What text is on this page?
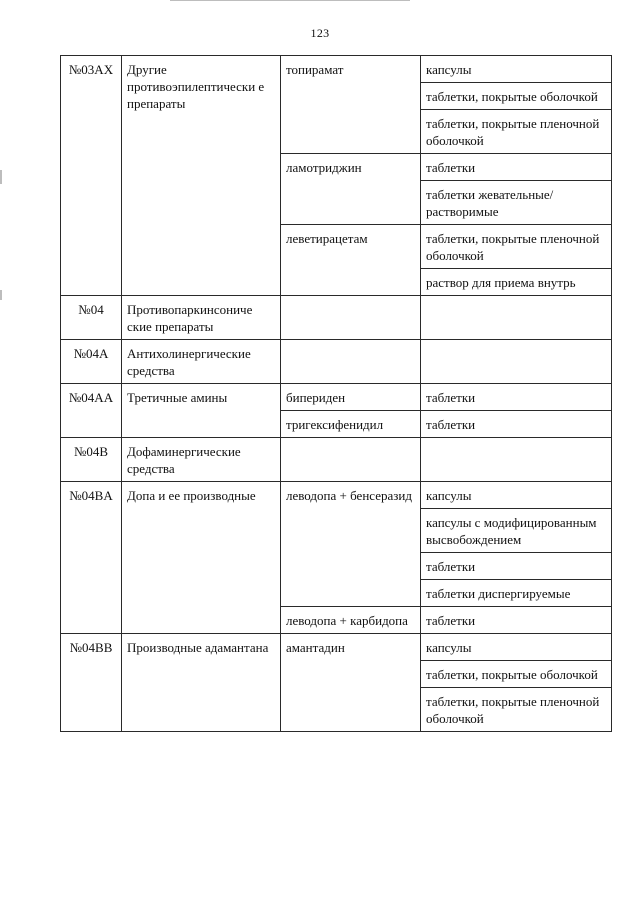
123
№03AX	Другие противоэпилептически е препараты	топирамат	капсулы
			таблетки, покрытые оболочкой
			таблетки, покрытые пленочной оболочкой
		ламотриджин	таблетки
			таблетки жевательные/растворимые
		леветирацетам	таблетки, покрытые пленочной оболочкой
			раствор для приема внутрь
№04	Противопаркинсониче ские препараты		
№04A	Антихолинергические средства		
№04AA	Третичные амины	бипериден	таблетки
		тригексифенидил	таблетки
№04B	Дофаминергические средства		
№04BA	Допа и ее производные	леводопа + бенсеразид	капсулы
			капсулы с модифицированным высвобождением
			таблетки
			таблетки диспергируемые
		леводопа + карбидопа	таблетки
№04BB	Производные адамантана	амантадин	капсулы
			таблетки, покрытые оболочкой
			таблетки, покрытые пленочной оболочкой
